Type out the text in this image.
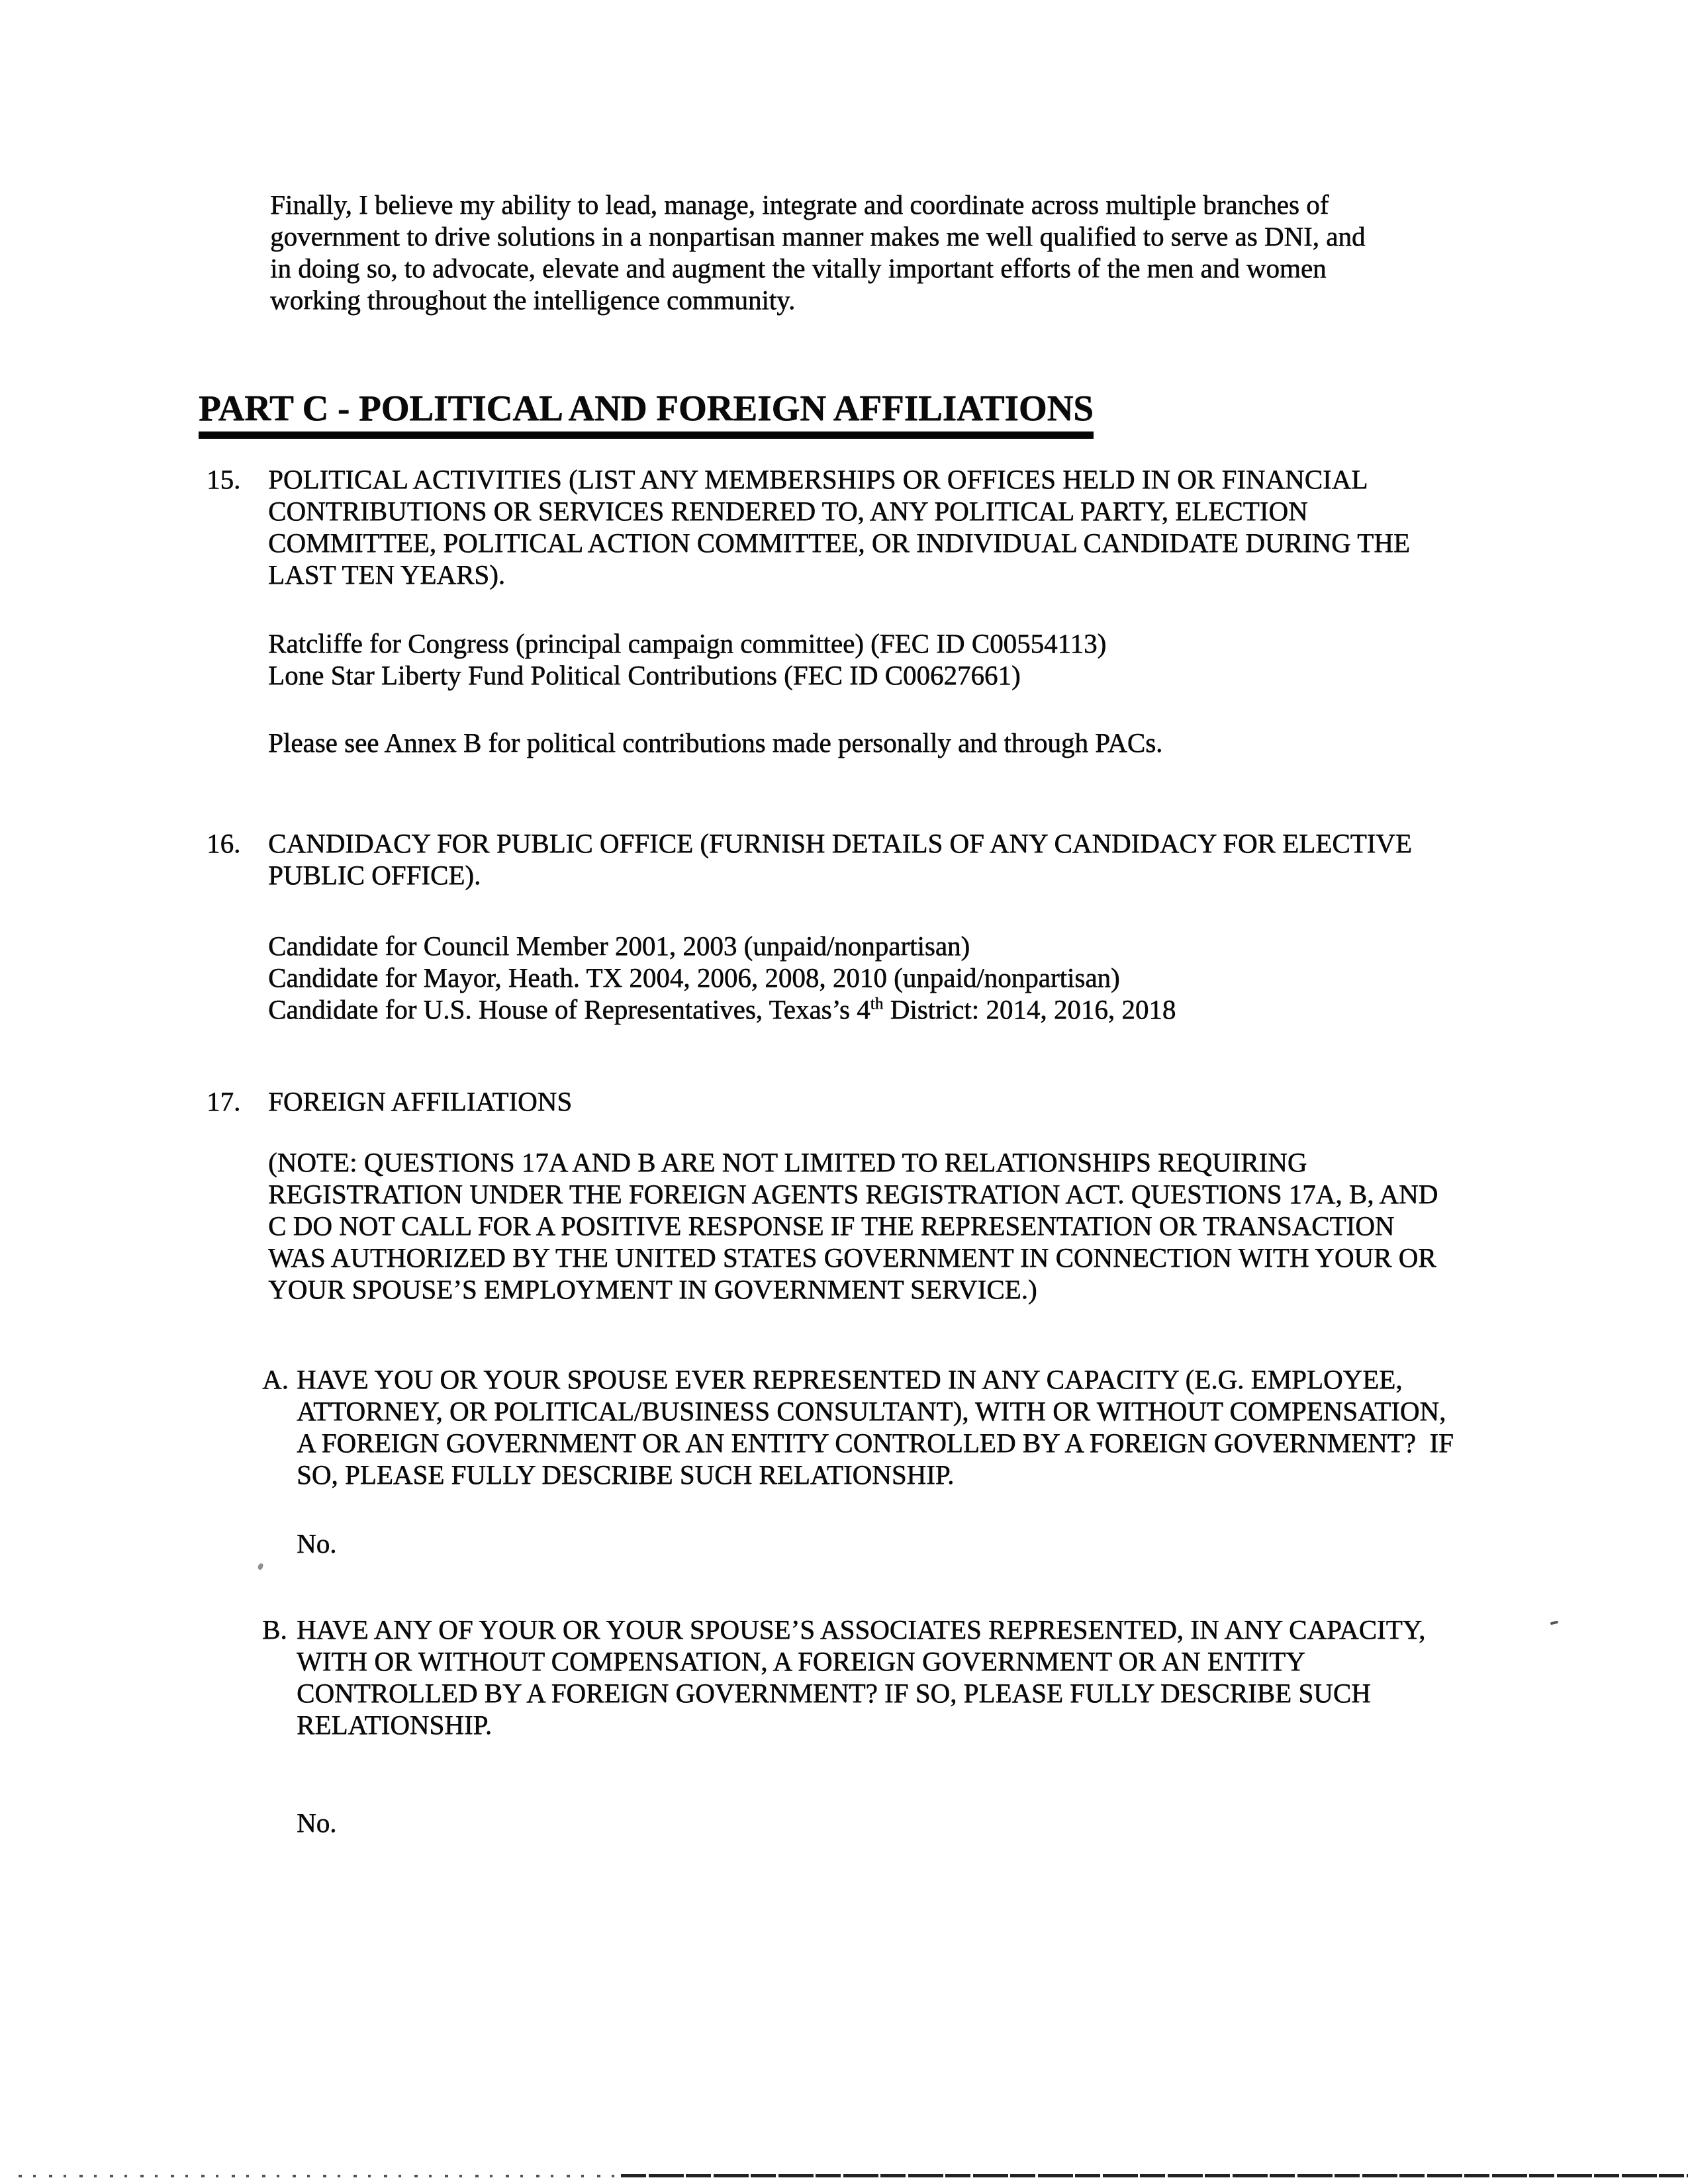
Finally, I believe my ability to lead, manage, integrate and coordinate across multiple branches of
government to drive solutions in a nonpartisan manner makes me well qualified to serve as DNI, and
in doing so, to advocate, elevate and augment the vitally important efforts of the men and women
working throughout the intelligence community.
PART C - POLITICAL AND FOREIGN AFFILIATIONS
15. POLITICAL ACTIVITIES (LIST ANY MEMBERSHIPS OR OFFICES HELD IN OR FINANCIAL
CONTRIBUTIONS OR SERVICES RENDERED TO, ANY POLITICAL PARTY, ELECTION
COMMITTEE, POLITICAL ACTION COMMITTEE, OR INDIVIDUAL CANDIDATE DURING THE
LAST TEN YEARS).
Ratcliffe for Congress (principal campaign committee) (FEC ID C00554113)
Lone Star Liberty Fund Political Contributions (FEC ID C00627661)
Please see Annex B for political contributions made personally and through PACs.
16. CANDIDACY FOR PUBLIC OFFICE (FURNISH DETAILS OF ANY CANDIDACY FOR ELECTIVE
PUBLIC OFFICE).
Candidate for Council Member 2001, 2003 (unpaid/nonpartisan)
Candidate for Mayor, Heath. TX 2004, 2006, 2008, 2010 (unpaid/nonpartisan)
Candidate for U.S. House of Representatives, Texas’s 4th District: 2014, 2016, 2018
17. FOREIGN AFFILIATIONS
(NOTE: QUESTIONS 17A AND B ARE NOT LIMITED TO RELATIONSHIPS REQUIRING
REGISTRATION UNDER THE FOREIGN AGENTS REGISTRATION ACT. QUESTIONS 17A, B, AND
C DO NOT CALL FOR A POSITIVE RESPONSE IF THE REPRESENTATION OR TRANSACTION
WAS AUTHORIZED BY THE UNITED STATES GOVERNMENT IN CONNECTION WITH YOUR OR
YOUR SPOUSE’S EMPLOYMENT IN GOVERNMENT SERVICE.)
A. HAVE YOU OR YOUR SPOUSE EVER REPRESENTED IN ANY CAPACITY (E.G. EMPLOYEE,
ATTORNEY, OR POLITICAL/BUSINESS CONSULTANT), WITH OR WITHOUT COMPENSATION,
A FOREIGN GOVERNMENT OR AN ENTITY CONTROLLED BY A FOREIGN GOVERNMENT?  IF
SO, PLEASE FULLY DESCRIBE SUCH RELATIONSHIP.
No.
B. HAVE ANY OF YOUR OR YOUR SPOUSE’S ASSOCIATES REPRESENTED, IN ANY CAPACITY,
WITH OR WITHOUT COMPENSATION, A FOREIGN GOVERNMENT OR AN ENTITY
CONTROLLED BY A FOREIGN GOVERNMENT? IF SO, PLEASE FULLY DESCRIBE SUCH
RELATIONSHIP.
No.
